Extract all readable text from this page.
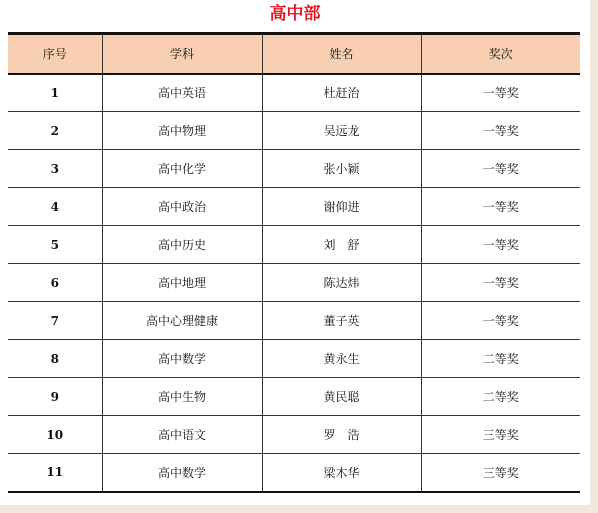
高中部
序号	学科	姓名	奖次
1	高中英语	杜赶治	一等奖
2	高中物理	吴远龙	一等奖
3	高中化学	张小颖	一等奖
4	高中政治	谢仰进	一等奖
5	高中历史	刘　舒	一等奖
6	高中地理	陈达炜	一等奖
7	高中心理健康	董子英	一等奖
8	高中数学	黄永生	二等奖
9	高中生物	黄民聪	二等奖
10	高中语文	罗　浩	三等奖
11	高中数学	梁木华	三等奖
